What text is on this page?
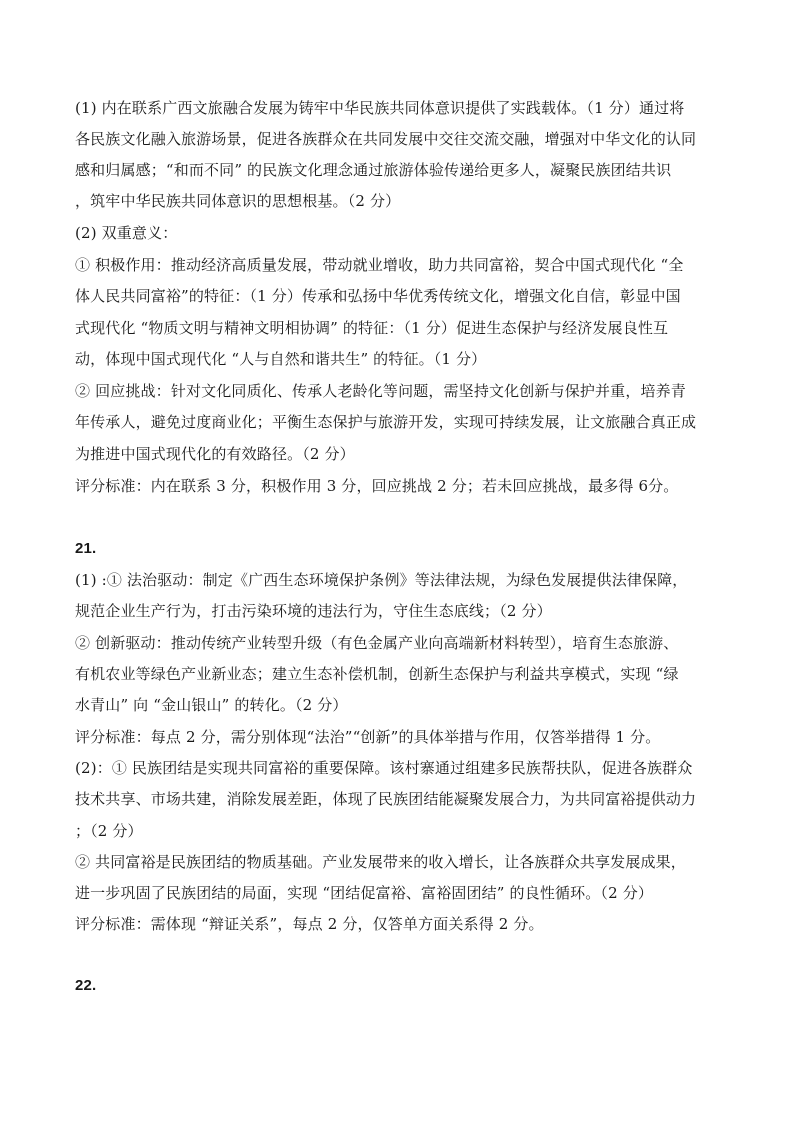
(1) 内在联系广西文旅融合发展为铸牢中华民族共同体意识提供了实践载体。（1 分）通过将
各民族文化融入旅游场景，促进各族群众在共同发展中交往交流交融，增强对中华文化的认同
感和归属感；“和而不同” 的民族文化理念通过旅游体验传递给更多人，凝聚民族团结共识
，筑牢中华民族共同体意识的思想根基。（2 分）
(2) 双重意义：
① 积极作用：推动经济高质量发展，带动就业增收，助力共同富裕，契合中国式现代化 “全
体人民共同富裕”的特征：（1 分）传承和弘扬中华优秀传统文化，增强文化自信，彰显中国
式现代化 “物质文明与精神文明相协调” 的特征：（1 分）促进生态保护与经济发展良性互
动，体现中国式现代化 “人与自然和谐共生” 的特征。（1 分）
② 回应挑战：针对文化同质化、传承人老龄化等问题，需坚持文化创新与保护并重，培养青
年传承人，避免过度商业化；平衡生态保护与旅游开发，实现可持续发展，让文旅融合真正成
为推进中国式现代化的有效路径。（2 分）
评分标准：内在联系 3 分，积极作用 3 分，回应挑战 2 分；若未回应挑战，最多得 6分。
21.
(1) :① 法治驱动：制定《广西生态环境保护条例》等法律法规，为绿色发展提供法律保障，
规范企业生产行为，打击污染环境的违法行为，守住生态底线；（2 分）
② 创新驱动：推动传统产业转型升级（有色金属产业向高端新材料转型），培育生态旅游、
有机农业等绿色产业新业态；建立生态补偿机制，创新生态保护与利益共享模式，实现 “绿
水青山” 向 “金山银山” 的转化。（2 分）
评分标准：每点 2 分，需分别体现“法治”“创新”的具体举措与作用，仅答举措得 1 分。
(2)：① 民族团结是实现共同富裕的重要保障。该村寨通过组建多民族帮扶队，促进各族群众
技术共享、市场共建，消除发展差距，体现了民族团结能凝聚发展合力，为共同富裕提供动力
；（2 分）
② 共同富裕是民族团结的物质基础。产业发展带来的收入增长，让各族群众共享发展成果，
进一步巩固了民族团结的局面，实现 “团结促富裕、富裕固团结” 的良性循环。（2 分）
评分标准：需体现 “辩证关系”，每点 2 分，仅答单方面关系得 2 分。
22.
